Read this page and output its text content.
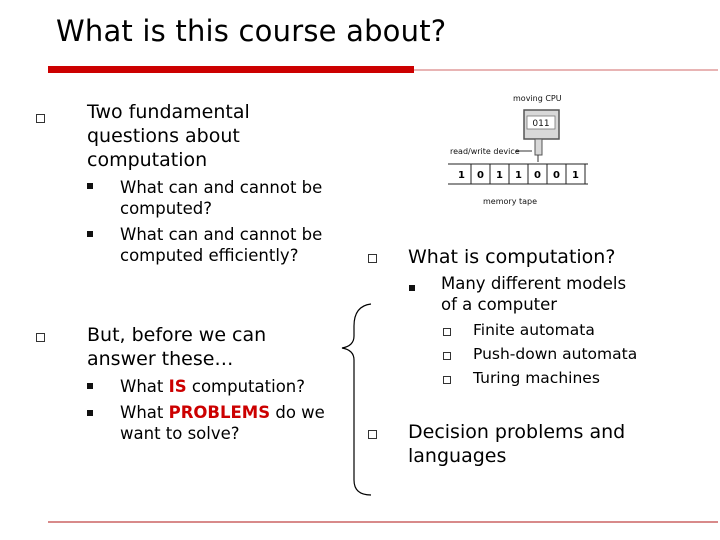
What is this course about?
Two fundamental
questions about
computation
What can and cannot be
computed?
What can and cannot be
computed efficiently?
But, before we can
answer these…
What IS computation?
What PROBLEMS do we
want to solve?
moving CPU
011
read/write device
1 0 1 1 0 0 1
memory tape
What is computation?
Many different models
of a computer
Finite automata
Push-down automata
Turing machines
Decision problems and
languages
